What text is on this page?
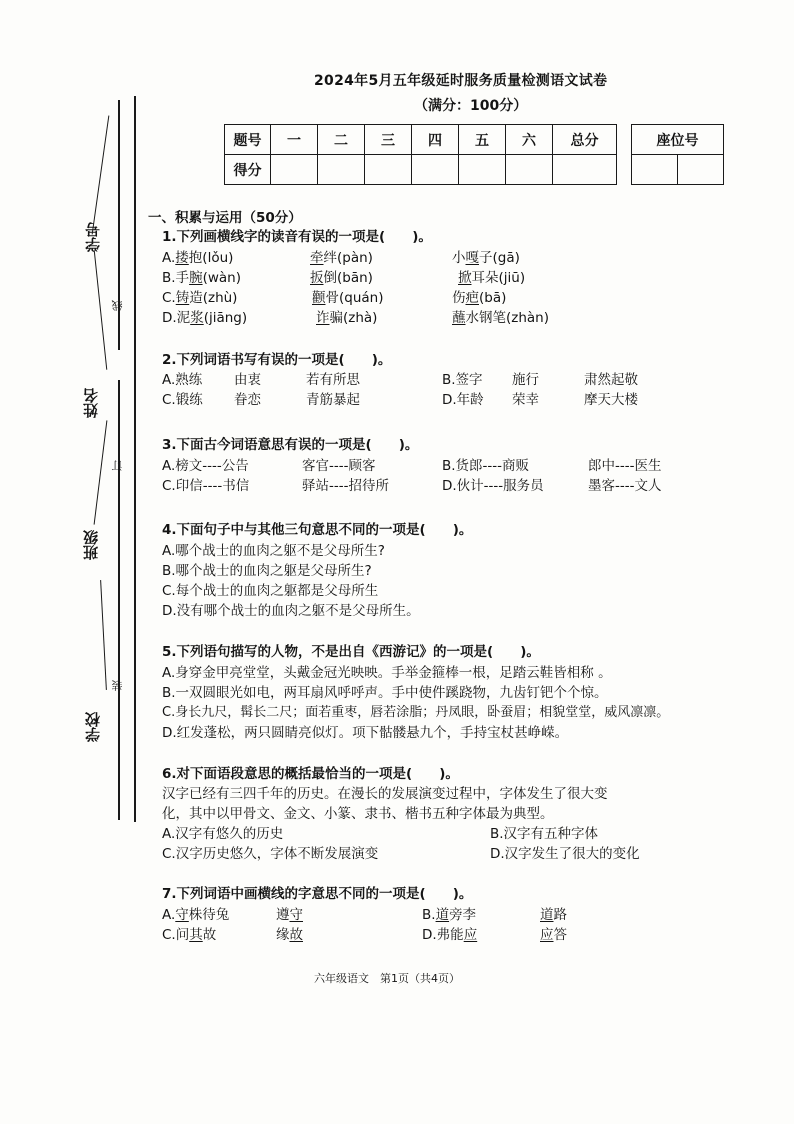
学号
姓名
班级
学校
线
订
装
2024年5月五年级延时服务质量检测语文试卷
（满分：100分）
题号	一	二	三	四	五	六	总分
得分							
座位号

一、积累与运用（50分）
1.下列画横线字的读音有误的一项是(　　)。
A.搂抱(lǒu)	牵绊(pàn)	小嘎子(gā)
B.手腕(wàn)	扳倒(bān)	掀耳朵(jiū)
C.铸造(zhù)	颧骨(quán)	伤疤(bā)
D.泥浆(jiāng)	诈骗(zhà)	蘸水钢笔(zhàn)
2.下列词语书写有误的一项是(　　)。
A.熟练 由衷	若有所思	B.签字 施行	肃然起敬
C.锻练 眷恋	青筋暴起	D.年龄 荣幸	摩天大楼
3.下面古今词语意思有误的一项是(　　)。
A.榜文----公告	客官----顾客	B.货郎----商贩	郎中----医生
C.印信----书信	驿站----招待所	D.伙计----服务员	墨客----文人
4.下面句子中与其他三句意思不同的一项是(　　)。
A.哪个战士的血肉之躯不是父母所生?
B.哪个战士的血肉之躯是父母所生?
C.每个战士的血肉之躯都是父母所生
D.没有哪个战士的血肉之躯不是父母所生。
5.下列语句描写的人物，不是出自《西游记》的一项是(　　)。
A.身穿金甲亮堂堂，头戴金冠光映映。手举金箍棒一根，足踏云鞋皆相称 。
B.一双圆眼光如电，两耳扇风呼呼声。手中使件蹊跷物，九齿钉钯个个惊。
C.身长九尺，髯长二尺；面若重枣，唇若涂脂；丹凤眼，卧蚕眉；相貌堂堂，威风凛凛。
D.红发蓬松，两只圆睛亮似灯。项下骷髅悬九个，手持宝杖甚峥嵘。
6.对下面语段意思的概括最恰当的一项是(　　)。
汉字已经有三四千年的历史。在漫长的发展演变过程中，字体发生了很大变
化，其中以甲骨文、金文、小篆、隶书、楷书五种字体最为典型。
A.汉字有悠久的历史	B.汉字有五种字体
C.汉字历史悠久，字体不断发展演变	D.汉字发生了很大的变化
7.下列词语中画横线的字意思不同的一项是(　　)。
A.守株待兔	遵守	B.道旁李	道路
C.问其故	缘故	D.弗能应	应答
六年级语文　第1页（共4页）
